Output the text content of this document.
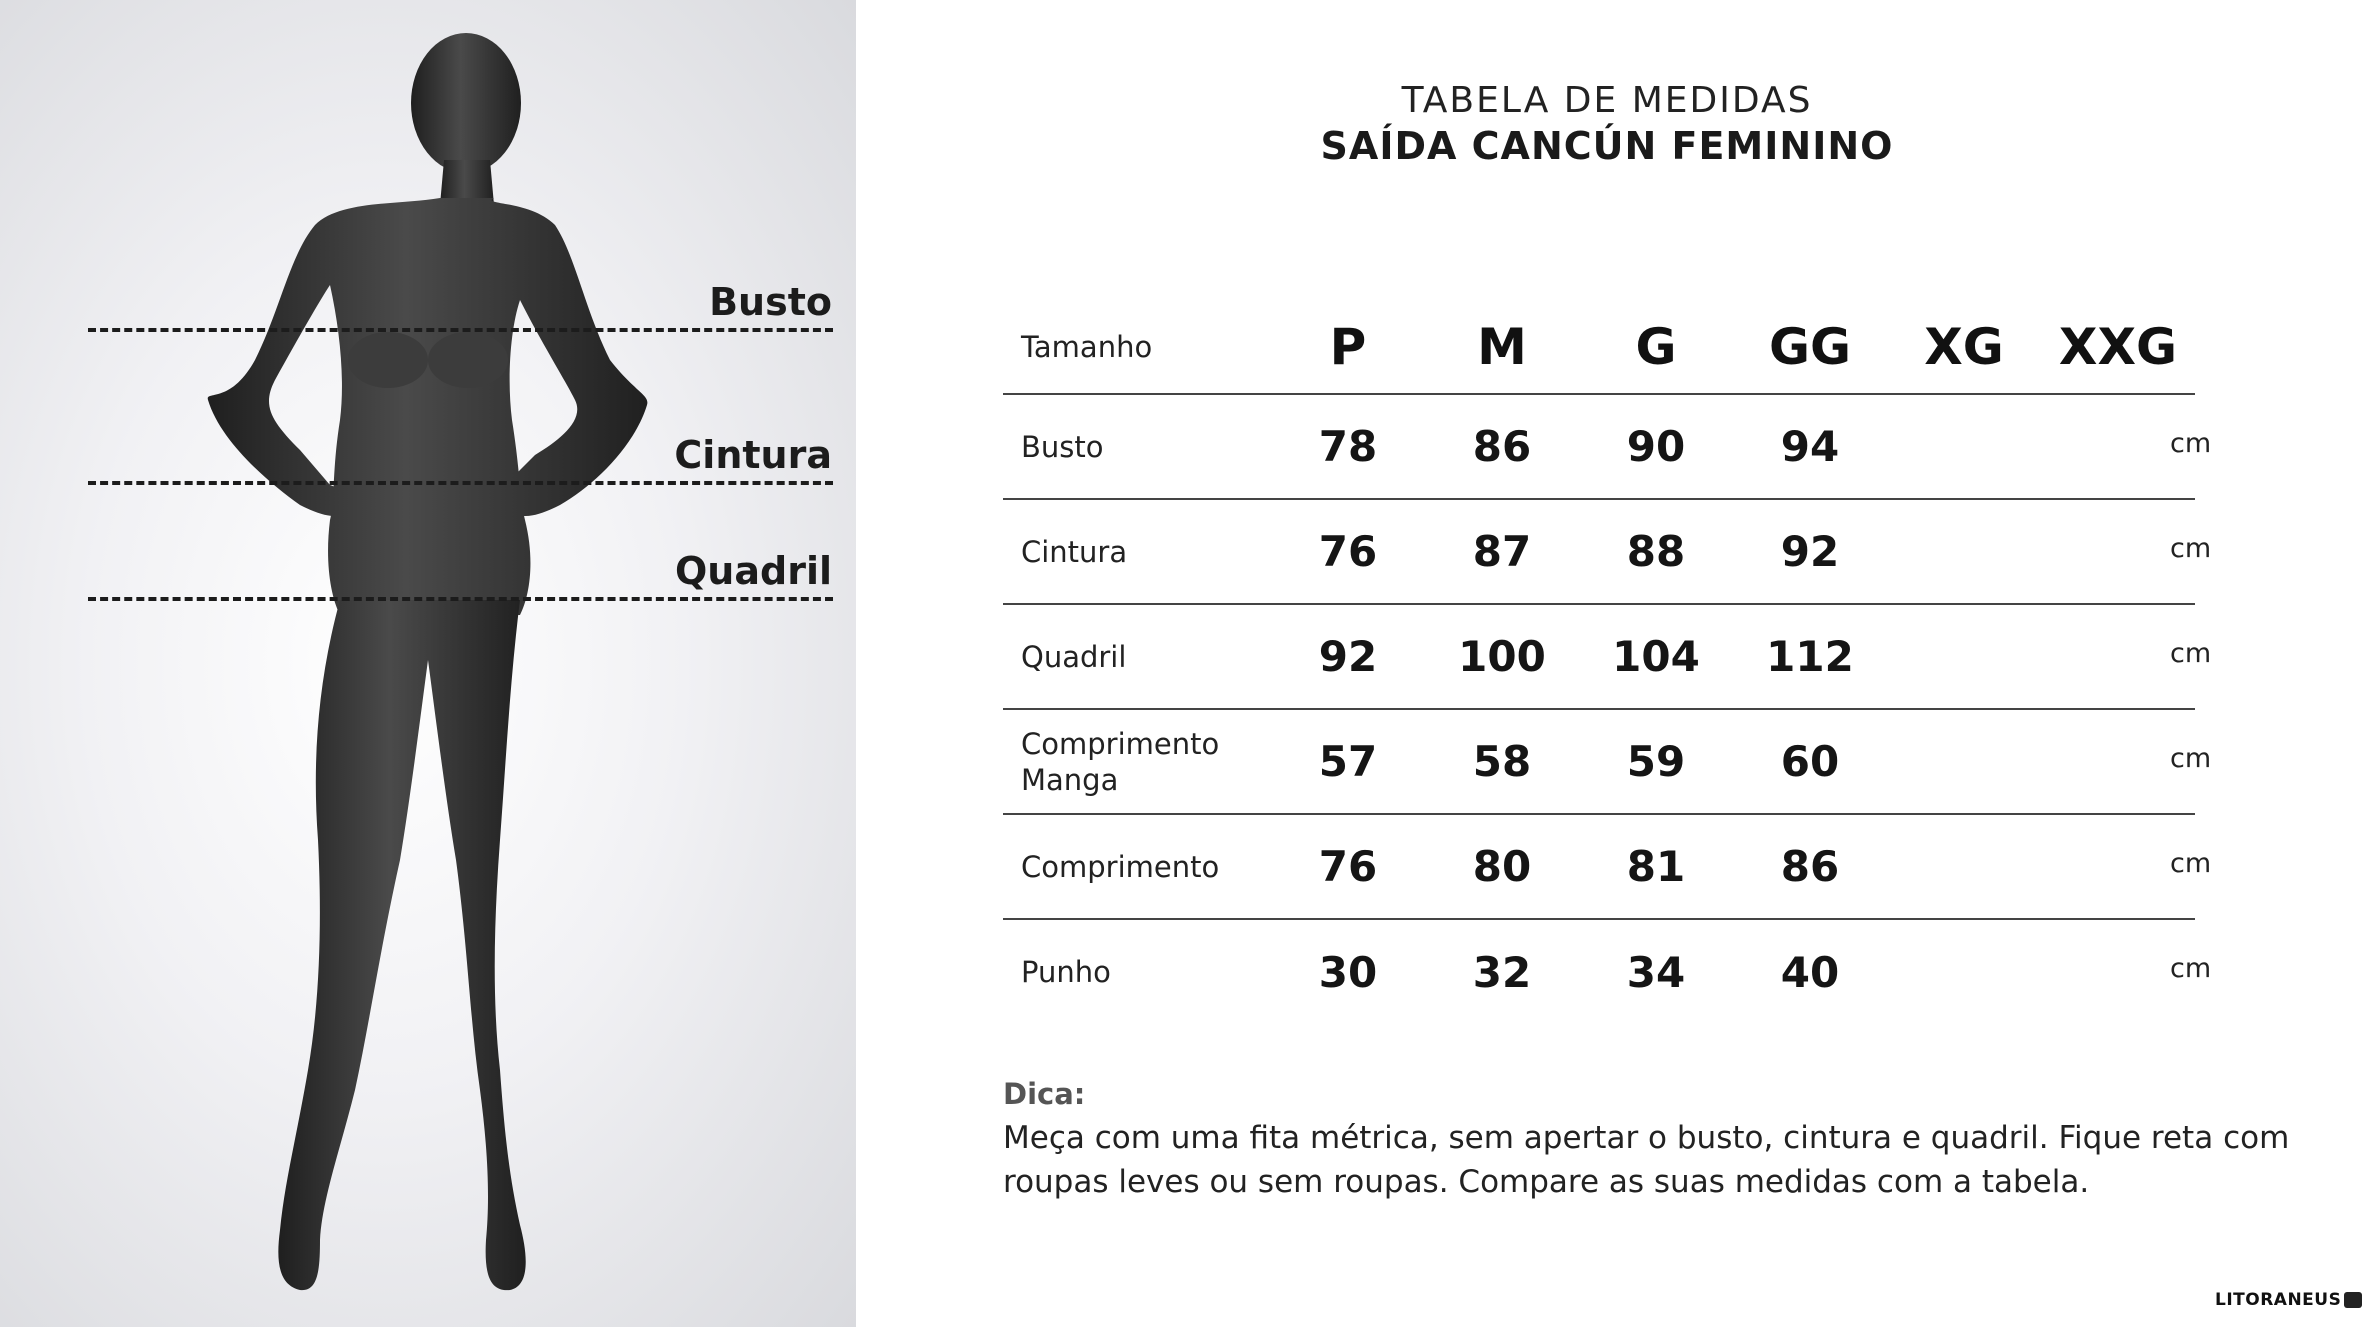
Busto
Cintura
Quadril
TABELA DE MEDIDAS
SAÍDA CANCÚN FEMININO
Tamanho	P	M	G	GG	XG	XXG
Busto	78	86	90	94		
Cintura	76	87	88	92		
Quadril	92	100	104	112		
Comprimento Manga	57	58	59	60		
Comprimento	76	80	81	86		
Punho	30	32	34	40		
cm
cm
cm
cm
cm
cm
Dica:
Meça com uma fita métrica, sem apertar o busto, cintura e quadril. Fique reta com roupas leves ou sem roupas. Compare as suas medidas com a tabela.
LITORANEUS
